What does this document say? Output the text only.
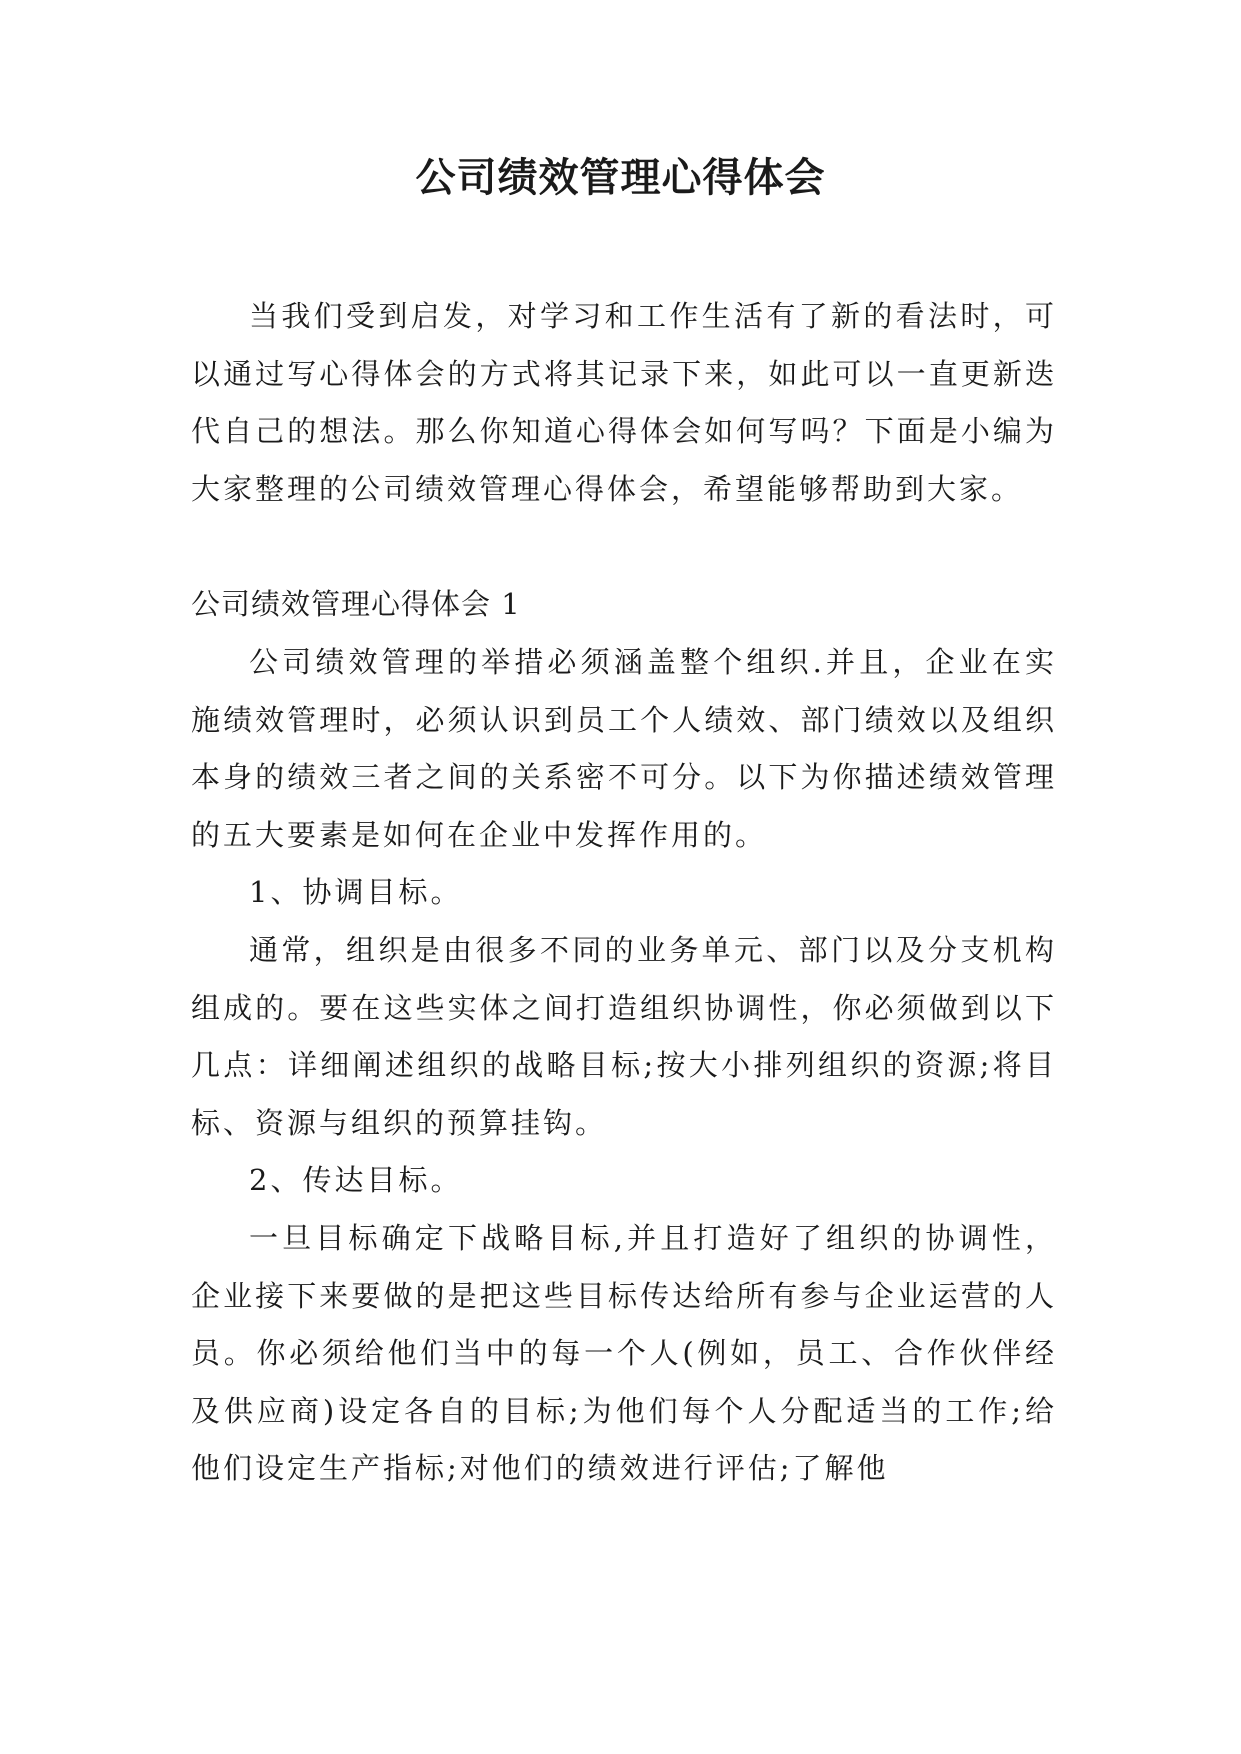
公司绩效管理心得体会

当我们受到启发，对学习和工作生活有了新的看法时，可以通过写心得体会的方式将其记录下来，如此可以一直更新迭代自己的想法。那么你知道心得体会如何写吗？下面是小编为大家整理的公司绩效管理心得体会，希望能够帮助到大家。

公司绩效管理心得体会 1

公司绩效管理的举措必须涵盖整个组织.并且，企业在实施绩效管理时，必须认识到员工个人绩效、部门绩效以及组织本身的绩效三者之间的关系密不可分。以下为你描述绩效管理的五大要素是如何在企业中发挥作用的。

1、协调目标。

通常，组织是由很多不同的业务单元、部门以及分支机构组成的。要在这些实体之间打造组织协调性，你必须做到以下几点：详细阐述组织的战略目标;按大小排列组织的资源;将目标、资源与组织的预算挂钩。

2、传达目标。

一旦目标确定下战略目标,并且打造好了组织的协调性，企业接下来要做的是把这些目标传达给所有参与企业运营的人员。你必须给他们当中的每一个人(例如，员工、合作伙伴经及供应商)设定各自的目标;为他们每个人分配适当的工作;给他们设定生产指标;对他们的绩效进行评估;了解他
